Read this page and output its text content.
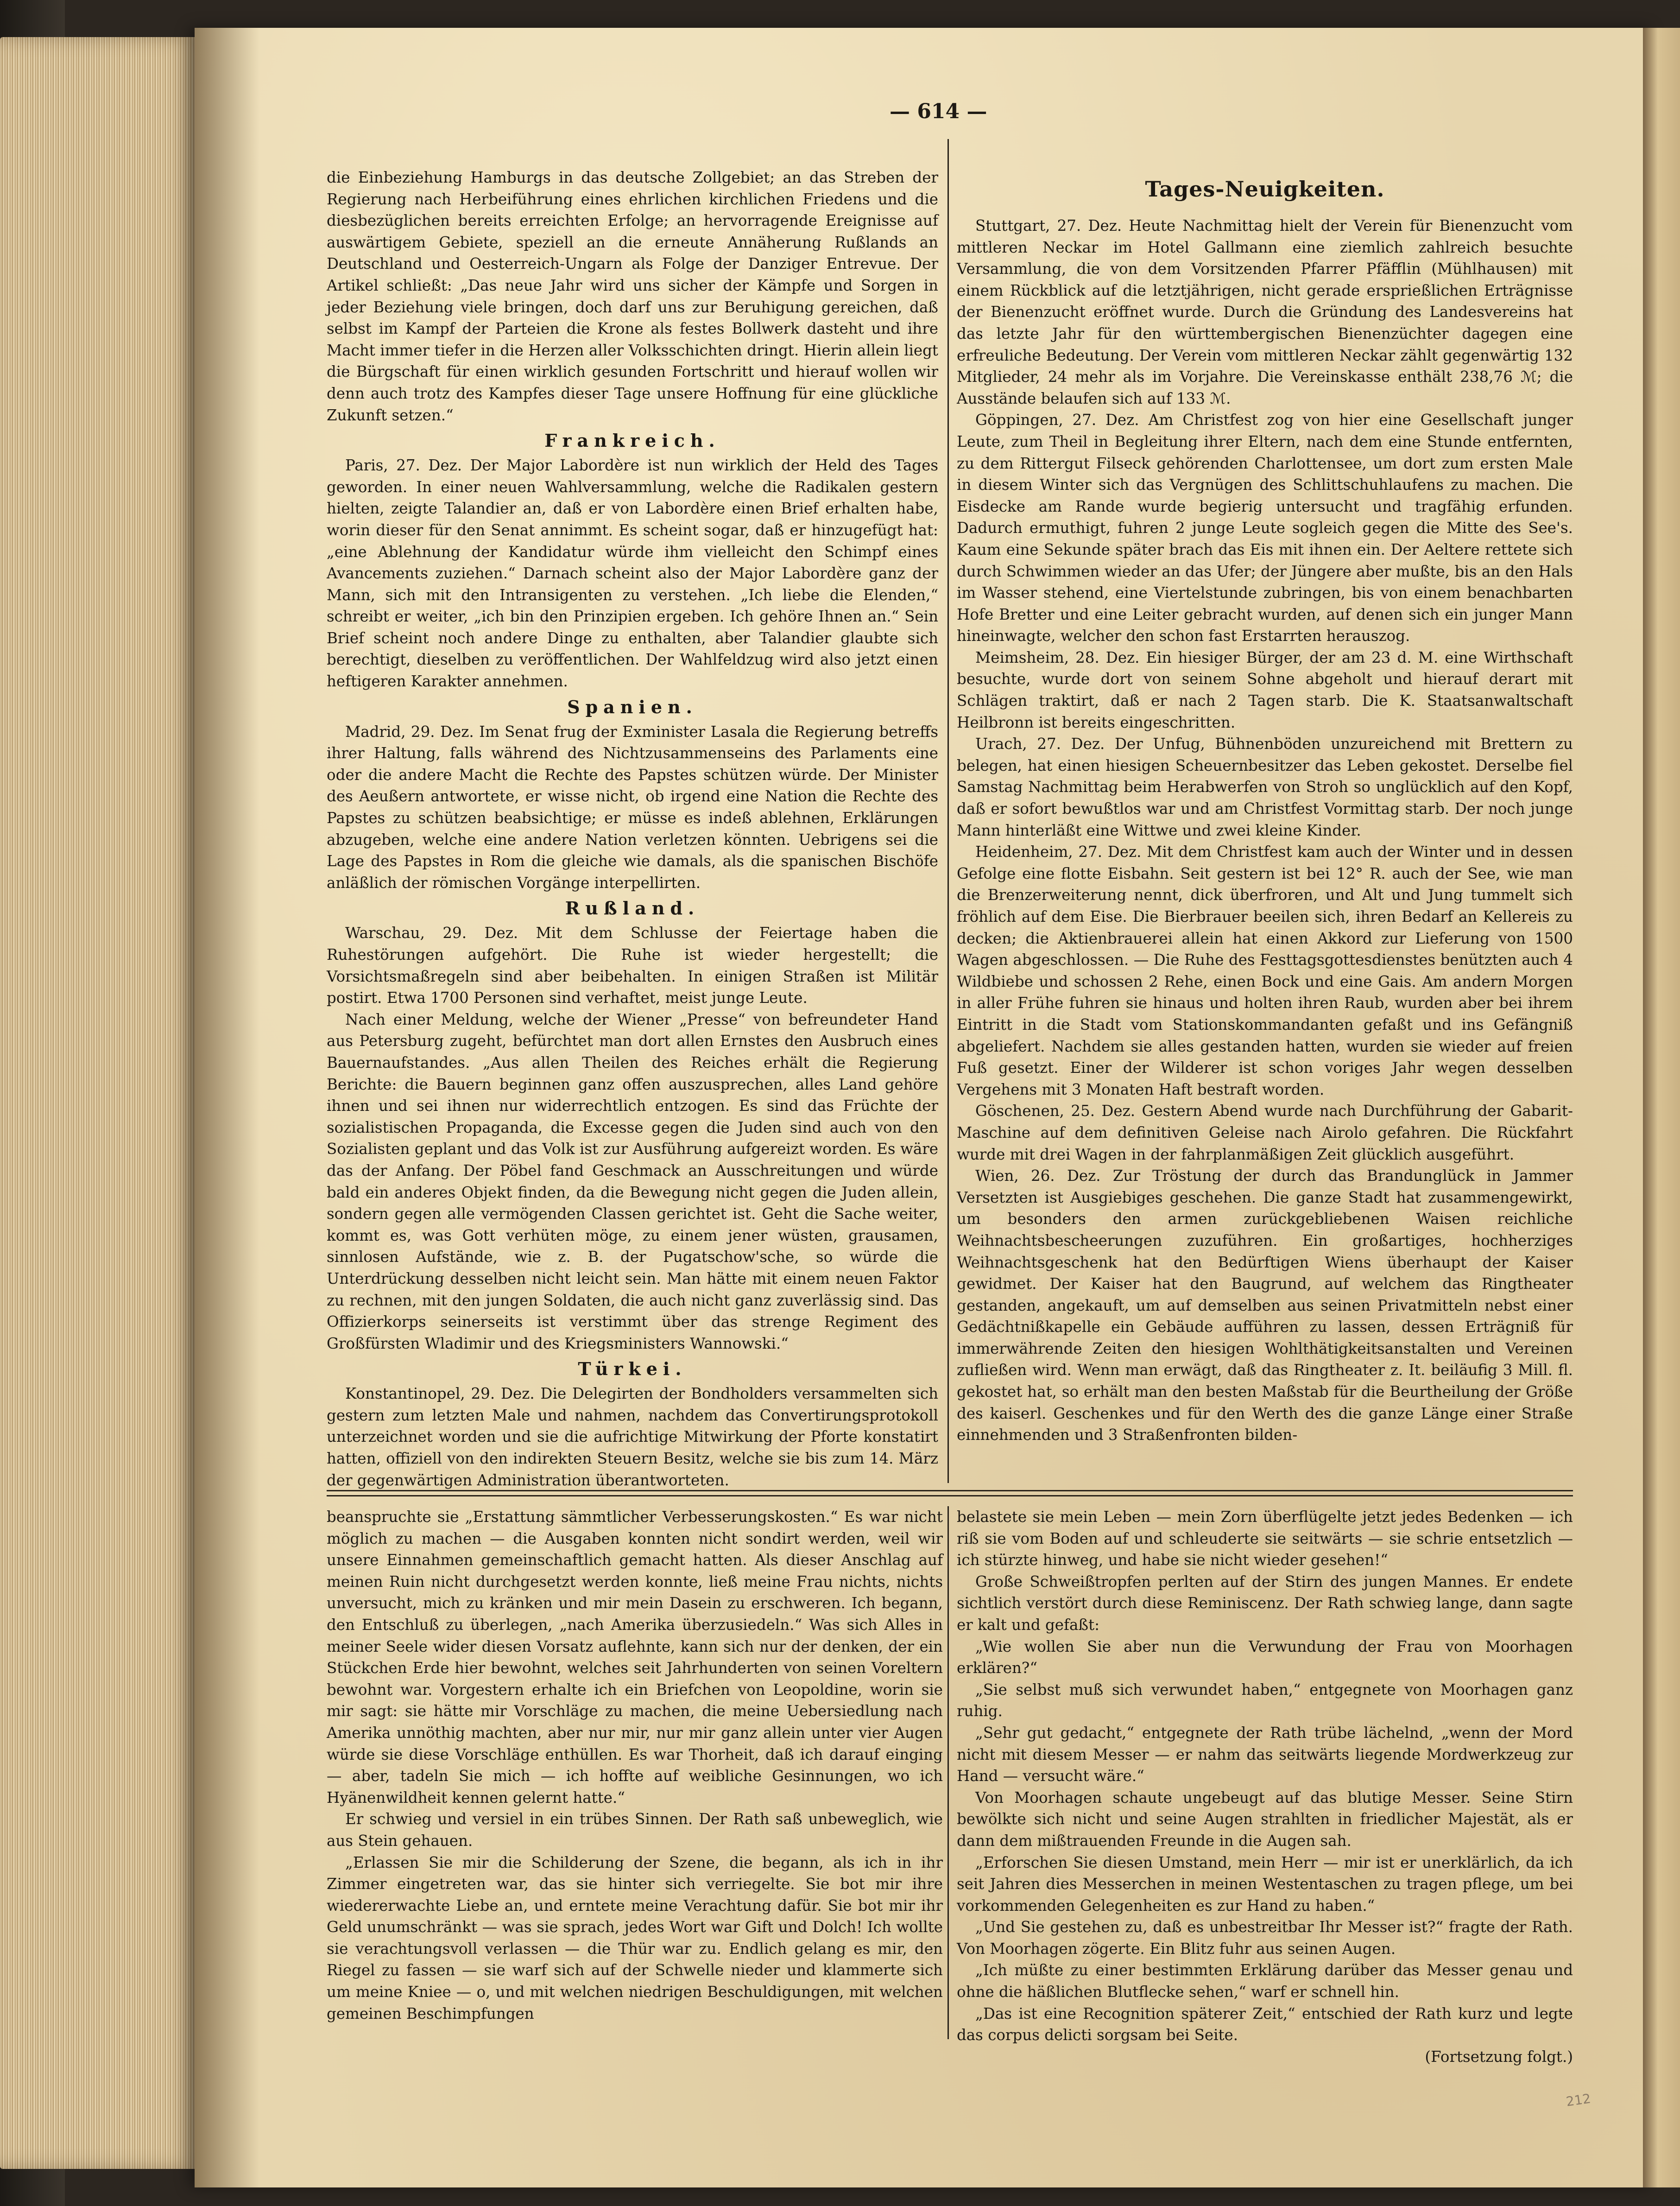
— 614 —

die Einbeziehung Hamburgs in das deutsche Zollgebiet; an das Streben der Regierung nach Herbeiführung eines ehrlichen kirchlichen Friedens und die diesbezüglichen bereits erreichten Erfolge; an hervorragende Ereignisse auf auswärtigem Gebiete, speziell an die erneute Annäherung Rußlands an Deutschland und Oesterreich-Ungarn als Folge der Danziger Entrevue. Der Artikel schließt: „Das neue Jahr wird uns sicher der Kämpfe und Sorgen in jeder Beziehung viele bringen, doch darf uns zur Beruhigung gereichen, daß selbst im Kampf der Parteien die Krone als festes Bollwerk dasteht und ihre Macht immer tiefer in die Herzen aller Volksschichten dringt. Hierin allein liegt die Bürgschaft für einen wirklich gesunden Fortschritt und hierauf wollen wir denn auch trotz des Kampfes dieser Tage unsere Hoffnung für eine glückliche Zukunft setzen.“

Frankreich.

Paris, 27. Dez. Der Major Labordère ist nun wirklich der Held des Tages geworden. In einer neuen Wahlversammlung, welche die Radikalen gestern hielten, zeigte Talandier an, daß er von Labordère einen Brief erhalten habe, worin dieser für den Senat annimmt. Es scheint sogar, daß er hinzugefügt hat: „eine Ablehnung der Kandidatur würde ihm vielleicht den Schimpf eines Avancements zuziehen.“ Darnach scheint also der Major Labordère ganz der Mann, sich mit den Intransigenten zu verstehen. „Ich liebe die Elenden,“ schreibt er weiter, „ich bin den Prinzipien ergeben. Ich gehöre Ihnen an.“ Sein Brief scheint noch andere Dinge zu enthalten, aber Talandier glaubte sich berechtigt, dieselben zu veröffentlichen. Der Wahlfeldzug wird also jetzt einen heftigeren Karakter annehmen.

Spanien.

Madrid, 29. Dez. Im Senat frug der Exminister Lasala die Regierung betreffs ihrer Haltung, falls während des Nichtzusammenseins des Parlaments eine oder die andere Macht die Rechte des Papstes schützen würde. Der Minister des Aeußern antwortete, er wisse nicht, ob irgend eine Nation die Rechte des Papstes zu schützen beabsichtige; er müsse es indeß ablehnen, Erklärungen abzugeben, welche eine andere Nation verletzen könnten. Uebrigens sei die Lage des Papstes in Rom die gleiche wie damals, als die spanischen Bischöfe anläßlich der römischen Vorgänge interpellirten.

Rußland.

Warschau, 29. Dez. Mit dem Schlusse der Feiertage haben die Ruhestörungen aufgehört. Die Ruhe ist wieder hergestellt; die Vorsichtsmaßregeln sind aber beibehalten. In einigen Straßen ist Militär postirt. Etwa 1700 Personen sind verhaftet, meist junge Leute.

Nach einer Meldung, welche der Wiener „Presse“ von befreundeter Hand aus Petersburg zugeht, befürchtet man dort allen Ernstes den Ausbruch eines Bauernaufstandes. „Aus allen Theilen des Reiches erhält die Regierung Berichte: die Bauern beginnen ganz offen auszusprechen, alles Land gehöre ihnen und sei ihnen nur widerrechtlich entzogen. Es sind das Früchte der sozialistischen Propaganda, die Excesse gegen die Juden sind auch von den Sozialisten geplant und das Volk ist zur Ausführung aufgereizt worden. Es wäre das der Anfang. Der Pöbel fand Geschmack an Ausschreitungen und würde bald ein anderes Objekt finden, da die Bewegung nicht gegen die Juden allein, sondern gegen alle vermögenden Classen gerichtet ist. Geht die Sache weiter, kommt es, was Gott verhüten möge, zu einem jener wüsten, grausamen, sinnlosen Aufstände, wie z. B. der Pugatschow'sche, so würde die Unterdrückung desselben nicht leicht sein. Man hätte mit einem neuen Faktor zu rechnen, mit den jungen Soldaten, die auch nicht ganz zuverlässig sind. Das Offizierkorps seinerseits ist verstimmt über das strenge Regiment des Großfürsten Wladimir und des Kriegsministers Wannowski.“

Türkei.

Konstantinopel, 29. Dez. Die Delegirten der Bondholders versammelten sich gestern zum letzten Male und nahmen, nachdem das Convertirungsprotokoll unterzeichnet worden und sie die aufrichtige Mitwirkung der Pforte konstatirt hatten, offiziell von den indirekten Steuern Besitz, welche sie bis zum 14. März der gegenwärtigen Administration überantworteten.

Tages-Neuigkeiten.

Stuttgart, 27. Dez. Heute Nachmittag hielt der Verein für Bienenzucht vom mittleren Neckar im Hotel Gallmann eine ziemlich zahlreich besuchte Versammlung, die von dem Vorsitzenden Pfarrer Pfäfflin (Mühlhausen) mit einem Rückblick auf die letztjährigen, nicht gerade ersprießlichen Erträgnisse der Bienenzucht eröffnet wurde. Durch die Gründung des Landesvereins hat das letzte Jahr für den württembergischen Bienenzüchter dagegen eine erfreuliche Bedeutung. Der Verein vom mittleren Neckar zählt gegenwärtig 132 Mitglieder, 24 mehr als im Vorjahre. Die Vereinskasse enthält 238,76 ℳ; die Ausstände belaufen sich auf 133 ℳ.

Göppingen, 27. Dez. Am Christfest zog von hier eine Gesellschaft junger Leute, zum Theil in Begleitung ihrer Eltern, nach dem eine Stunde entfernten, zu dem Rittergut Filseck gehörenden Charlottensee, um dort zum ersten Male in diesem Winter sich das Vergnügen des Schlittschuhlaufens zu machen. Die Eisdecke am Rande wurde begierig untersucht und tragfähig erfunden. Dadurch ermuthigt, fuhren 2 junge Leute sogleich gegen die Mitte des See's. Kaum eine Sekunde später brach das Eis mit ihnen ein. Der Aeltere rettete sich durch Schwimmen wieder an das Ufer; der Jüngere aber mußte, bis an den Hals im Wasser stehend, eine Viertelstunde zubringen, bis von einem benachbarten Hofe Bretter und eine Leiter gebracht wurden, auf denen sich ein junger Mann hineinwagte, welcher den schon fast Erstarrten herauszog.

Meimsheim, 28. Dez. Ein hiesiger Bürger, der am 23 d. M. eine Wirthschaft besuchte, wurde dort von seinem Sohne abgeholt und hierauf derart mit Schlägen traktirt, daß er nach 2 Tagen starb. Die K. Staatsanwaltschaft Heilbronn ist bereits eingeschritten.

Urach, 27. Dez. Der Unfug, Bühnenböden unzureichend mit Brettern zu belegen, hat einen hiesigen Scheuernbesitzer das Leben gekostet. Derselbe fiel Samstag Nachmittag beim Herabwerfen von Stroh so unglücklich auf den Kopf, daß er sofort bewußtlos war und am Christfest Vormittag starb. Der noch junge Mann hinterläßt eine Wittwe und zwei kleine Kinder.

Heidenheim, 27. Dez. Mit dem Christfest kam auch der Winter und in dessen Gefolge eine flotte Eisbahn. Seit gestern ist bei 12° R. auch der See, wie man die Brenzerweiterung nennt, dick überfroren, und Alt und Jung tummelt sich fröhlich auf dem Eise. Die Bierbrauer beeilen sich, ihren Bedarf an Kellereis zu decken; die Aktienbrauerei allein hat einen Akkord zur Lieferung von 1500 Wagen abgeschlossen. — Die Ruhe des Festtagsgottesdienstes benützten auch 4 Wildbiebe und schossen 2 Rehe, einen Bock und eine Gais. Am andern Morgen in aller Frühe fuhren sie hinaus und holten ihren Raub, wurden aber bei ihrem Eintritt in die Stadt vom Stationskommandanten gefaßt und ins Gefängniß abgeliefert. Nachdem sie alles gestanden hatten, wurden sie wieder auf freien Fuß gesetzt. Einer der Wilderer ist schon voriges Jahr wegen desselben Vergehens mit 3 Monaten Haft bestraft worden.

Göschenen, 25. Dez. Gestern Abend wurde nach Durchführung der Gabarit-Maschine auf dem definitiven Geleise nach Airolo gefahren. Die Rückfahrt wurde mit drei Wagen in der fahrplanmäßigen Zeit glücklich ausgeführt.

Wien, 26. Dez. Zur Tröstung der durch das Brandunglück in Jammer Versetzten ist Ausgiebiges geschehen. Die ganze Stadt hat zusammengewirkt, um besonders den armen zurückgebliebenen Waisen reichliche Weihnachtsbescheerungen zuzuführen. Ein großartiges, hochherziges Weihnachtsgeschenk hat den Bedürftigen Wiens überhaupt der Kaiser gewidmet. Der Kaiser hat den Baugrund, auf welchem das Ringtheater gestanden, angekauft, um auf demselben aus seinen Privatmitteln nebst einer Gedächtnißkapelle ein Gebäude aufführen zu lassen, dessen Erträgniß für immerwährende Zeiten den hiesigen Wohlthätigkeitsanstalten und Vereinen zufließen wird. Wenn man erwägt, daß das Ringtheater z. It. beiläufig 3 Mill. fl. gekostet hat, so erhält man den besten Maßstab für die Beurtheilung der Größe des kaiserl. Geschenkes und für den Werth des die ganze Länge einer Straße einnehmenden und 3 Straßenfronten bilden-

beanspruchte sie „Erstattung sämmtlicher Verbesserungskosten.“ Es war nicht möglich zu machen — die Ausgaben konnten nicht sondirt werden, weil wir unsere Einnahmen gemeinschaftlich gemacht hatten. Als dieser Anschlag auf meinen Ruin nicht durchgesetzt werden konnte, ließ meine Frau nichts, nichts unversucht, mich zu kränken und mir mein Dasein zu erschweren. Ich begann, den Entschluß zu überlegen, „nach Amerika überzusiedeln.“ Was sich Alles in meiner Seele wider diesen Vorsatz auflehnte, kann sich nur der denken, der ein Stückchen Erde hier bewohnt, welches seit Jahrhunderten von seinen Voreltern bewohnt war. Vorgestern erhalte ich ein Briefchen von Leopoldine, worin sie mir sagt: sie hätte mir Vorschläge zu machen, die meine Uebersiedlung nach Amerika unnöthig machten, aber nur mir, nur mir ganz allein unter vier Augen würde sie diese Vorschläge enthüllen. Es war Thorheit, daß ich darauf einging — aber, tadeln Sie mich — ich hoffte auf weibliche Gesinnungen, wo ich Hyänenwildheit kennen gelernt hatte.“

Er schwieg und versiel in ein trübes Sinnen. Der Rath saß unbeweglich, wie aus Stein gehauen.

„Erlassen Sie mir die Schilderung der Szene, die begann, als ich in ihr Zimmer eingetreten war, das sie hinter sich verriegelte. Sie bot mir ihre wiedererwachte Liebe an, und erntete meine Verachtung dafür. Sie bot mir ihr Geld unumschränkt — was sie sprach, jedes Wort war Gift und Dolch! Ich wollte sie verachtungsvoll verlassen — die Thür war zu. Endlich gelang es mir, den Riegel zu fassen — sie warf sich auf der Schwelle nieder und klammerte sich um meine Kniee — o, und mit welchen niedrigen Beschuldigungen, mit welchen gemeinen Beschimpfungen

belastete sie mein Leben — mein Zorn überflügelte jetzt jedes Bedenken — ich riß sie vom Boden auf und schleuderte sie seitwärts — sie schrie entsetzlich — ich stürzte hinweg, und habe sie nicht wieder gesehen!“

Große Schweißtropfen perlten auf der Stirn des jungen Mannes. Er endete sichtlich verstört durch diese Reminiscenz. Der Rath schwieg lange, dann sagte er kalt und gefaßt:

„Wie wollen Sie aber nun die Verwundung der Frau von Moorhagen erklären?“

„Sie selbst muß sich verwundet haben,“ entgegnete von Moorhagen ganz ruhig.

„Sehr gut gedacht,“ entgegnete der Rath trübe lächelnd, „wenn der Mord nicht mit diesem Messer — er nahm das seitwärts liegende Mordwerkzeug zur Hand — versucht wäre.“

Von Moorhagen schaute ungebeugt auf das blutige Messer. Seine Stirn bewölkte sich nicht und seine Augen strahlten in friedlicher Majestät, als er dann dem mißtrauenden Freunde in die Augen sah.

„Erforschen Sie diesen Umstand, mein Herr — mir ist er unerklärlich, da ich seit Jahren dies Messerchen in meinen Westentaschen zu tragen pflege, um bei vorkommenden Gelegenheiten es zur Hand zu haben.“

„Und Sie gestehen zu, daß es unbestreitbar Ihr Messer ist?“ fragte der Rath. Von Moorhagen zögerte. Ein Blitz fuhr aus seinen Augen.

„Ich müßte zu einer bestimmten Erklärung darüber das Messer genau und ohne die häßlichen Blutflecke sehen,“ warf er schnell hin.

„Das ist eine Recognition späterer Zeit,“ entschied der Rath kurz und legte das corpus delicti sorgsam bei Seite.

(Fortsetzung folgt.)

212
